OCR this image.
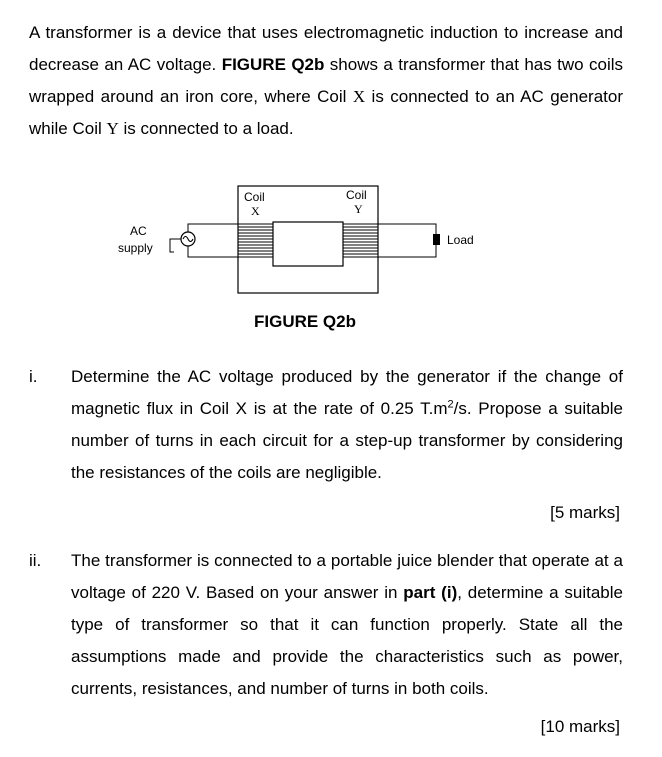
A transformer is a device that uses electromagnetic induction to increase and decrease an AC voltage. FIGURE Q2b shows a transformer that has two coils wrapped around an iron core, where Coil X is connected to an AC generator while Coil Y is connected to a load.
Coil
X
Coil
Y
AC
supply
Load
FIGURE Q2b
i. Determine the AC voltage produced by the generator if the change of magnetic flux in Coil X is at the rate of 0.25 $T.m^2/s$. Propose a suitable number of turns in each circuit for a step-up transformer by considering the resistances of the coils are negligible.
[5 marks]
ii. The transformer is connected to a portable juice blender that operate at a voltage of 220 V. Based on your answer in part (i), determine a suitable type of transformer so that it can function properly. State all the assumptions made and provide the characteristics such as power, currents, resistances, and number of turns in both coils.
[10 marks]
